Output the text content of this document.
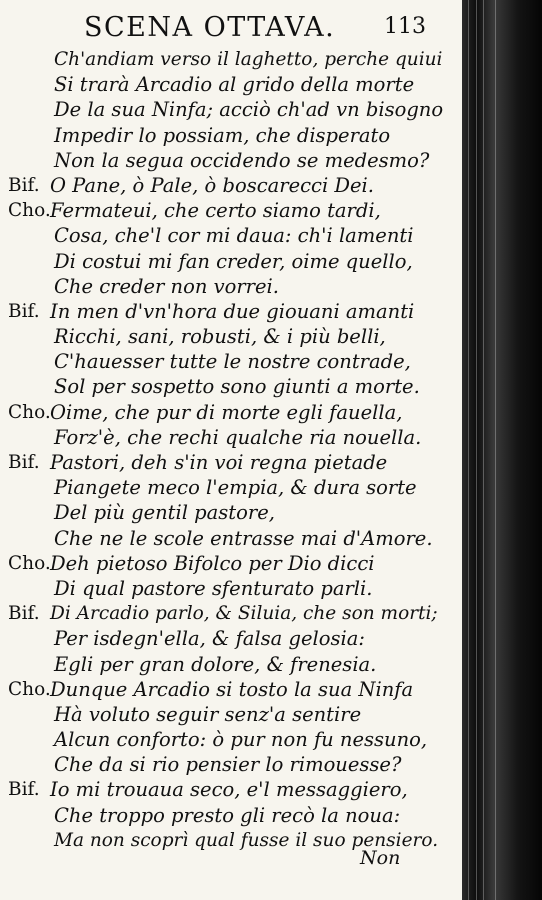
SCENA OTTAVA. 113
Ch'andiam verso il laghetto, perche quiui
Si trarà Arcadio al grido della morte
De la sua Ninfa; acciò ch'ad vn bisogno
Impedir lo possiam, che disperato
Non la segua occidendo se medesmo?
Bif. O Pane, ò Pale, ò boscarecci Dei.
Cho. Fermateui, che certo siamo tardi,
Cosa, che'l cor mi daua: ch'i lamenti
Di costui mi fan creder, oime quello,
Che creder non vorrei.
Bif. In men d'vn'hora due giouani amanti
Ricchi, sani, robusti, & i più belli,
C'hauesser tutte le nostre contrade,
Sol per sospetto sono giunti a morte.
Cho. Oime, che pur di morte egli fauella,
Forz'è, che rechi qualche ria nouella.
Bif. Pastori, deh s'in voi regna pietade
Piangete meco l'empia, & dura sorte
Del più gentil pastore,
Che ne le scole entrasse mai d'Amore.
Cho. Deh pietoso Bifolco per Dio dicci
Di qual pastore sfenturato parli.
Bif. Di Arcadio parlo, & Siluia, che son morti;
Per isdegn'ella, & falsa gelosia:
Egli per gran dolore, & frenesia.
Cho. Dunque Arcadio si tosto la sua Ninfa
Hà voluto seguir senz'a sentire
Alcun conforto: ò pur non fu nessuno,
Che da si rio pensier lo rimouesse?
Bif. Io mi trouaua seco, e'l messaggiero,
Che troppo presto gli recò la noua:
Ma non scoprì qual fusse il suo pensiero.
Non
